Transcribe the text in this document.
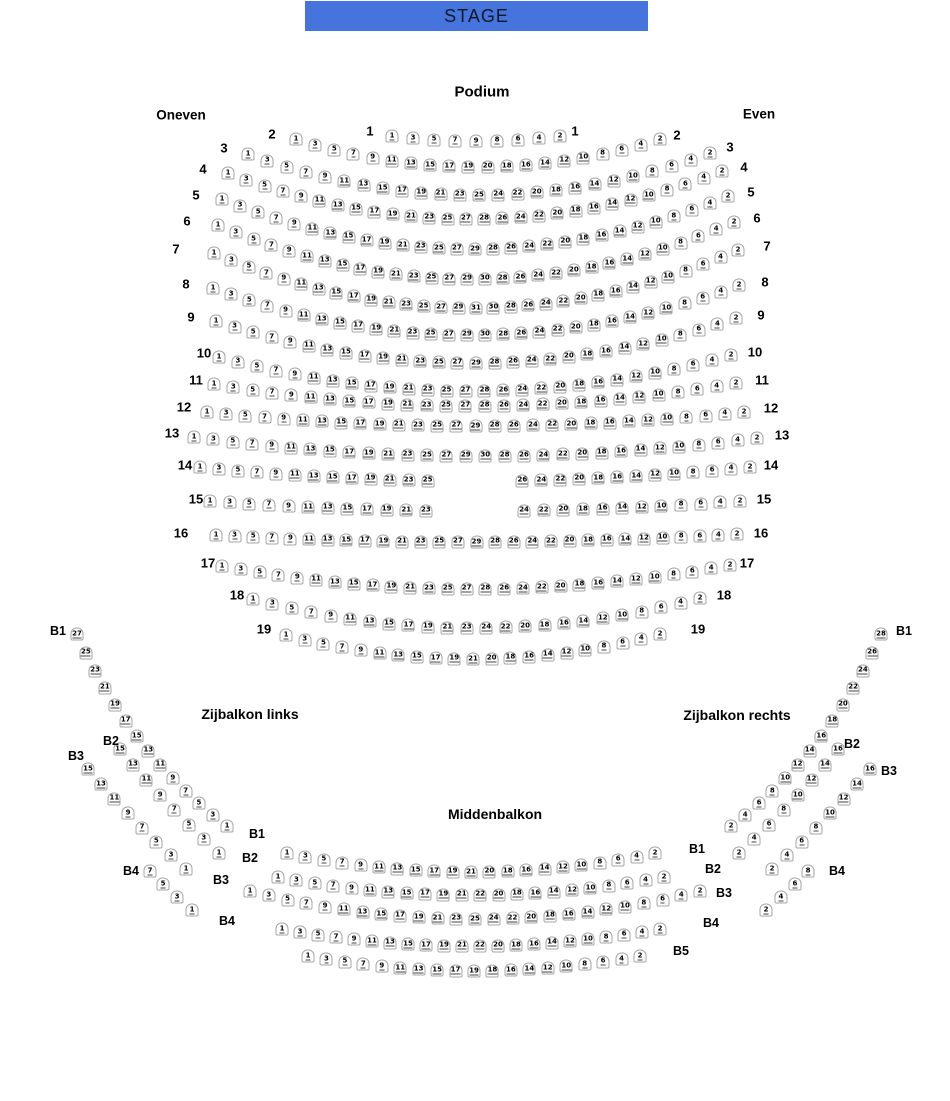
STAGE
Podium
Oneven	Even
Zijbalkon links	Zijbalkon rechts
Middenbalkon
1 3 5 7 9 8 6 4 2
1	1
1
3
5
7 9 11 13 15 17 19 20 18 16 14 12 10 8
6
4
2
2	2
1
3
5
7
9
11 13 15 17 19 21 23 25 24 22 20 18 16 14 12
10
8
6
4
2
3	3
1
3
5
7
9
11
13 15 17 19 21 23 25 27 28 26 24 22 20 18 16 14
12
10
8
6
4
2
4	4
1
3
5
7
9
11
13 15 17 19 21 23 25 27 29 28 26 24 22 20 18 16
14
12
10
8
6
4
2
5	5
1
3
5
7
9
11
13
15 17 19 21 23 25 27 29 30 28 26 24 22 20 18 16
14
12
10
8
6
4
2
6	6
1
3
5
7
9
11
13
15 17 19 21 23 25 27 29 31 30 28 26 24 22 20 18 16
14
12
10
8
6
4
2
7	7
1
3
5
7
9
11
13 15 17 19 21 23 25 27 29 30 28 26 24 22 20 18 16 14
12
10
8
6
4
2
8	8
1
3
5
7
9
11 13 15 17 19 21 23 25 27 29 28 26 24 22 20 18 16 14 12
10
8
6
4
2
9	9
1
3
5
7 9 11 13 15 17 19 21 23 25 27 28 26 24 22 20 18 16 14 12 10 8
6
4
2
10	10
1 3 5 7 9 11 13 15 17 19 21 23 25 27 28 26 24 22 20 18 16 14 12 10 8 6 4 2
11	11
1 3 5 7 9 11 13 15 17 19 21 23 25 27 29 28 26 24 22 20 18 16 14 12 10 8 6 4 2
12	12
1 3 5 7 9 11 13 15 17 19 21 23 25 27 29 30 28 26 24 22 20 18 16 14 12 10 8 6 4 2
13	13
1 3 5 7 9 11 13 15 17 19 21 23 25	26 24 22 20 18 16 14 12 10 8 6 4 2
14	14
1 3 5 7 9 11 13 15 17 19 21 23	24 22 20 18 16 14 12 10 8 6 4 2
15	15
1 3 5 7 9 11 13 15 17 19 21 23 25 27 29 28 26 24 22 20 18 16 14 12 10 8 6 4 2
16	16
1 3 5 7 9 11 13 15 17 19 21 23 25 27 28 26 24 22 20 18 16 14 12 10 8 6 4 2
17	17
1
3
5 7 9 11 13 15 17 19 21 23 24 22 20 18 16 14 12 10 8
6
4
2
18	18
1
3
5 7 9 11 13 15 17 19 21 20 18 16 14 12 10 8 6
4
2
19	19
27
25
23
21
19
17
15
13
11
9
7
5
3
1
B1
B1
15
13
11
9
7
5
3
1
B2
B2
15
13
11
9
7
5
3
1
B3
B3
7
5
3
1
B4
B4
28
26
24
22
20
18
16
14
12
10
8
6
4
2
B1
16
14
12
10
8
6
4
2
B2
16
14
12
10
8
6
4
2
B3
8
6
4
2
B4
1 3 5 7 9 11 13 15 17 19 21 20 18 16 14 12 10 8 6 4 2	B1
1 3 5 7 9 11 13 15 17 19 21 22 20 18 16 14 12 10 8 6 4 2	B2
1
3
5 7 9 11 13 15 17 19 21 23 25 24 22 20 18 16 14 12 10 8 6
4
2 B3
1 3 5 7 9 11 13 15 17 19 21 22 20 18 16 14 12 10 8 6 4 2	B4
1 3 5 7 9 11 13 15 17 19 18 16 14 12 10 8 6 4 2 B5
